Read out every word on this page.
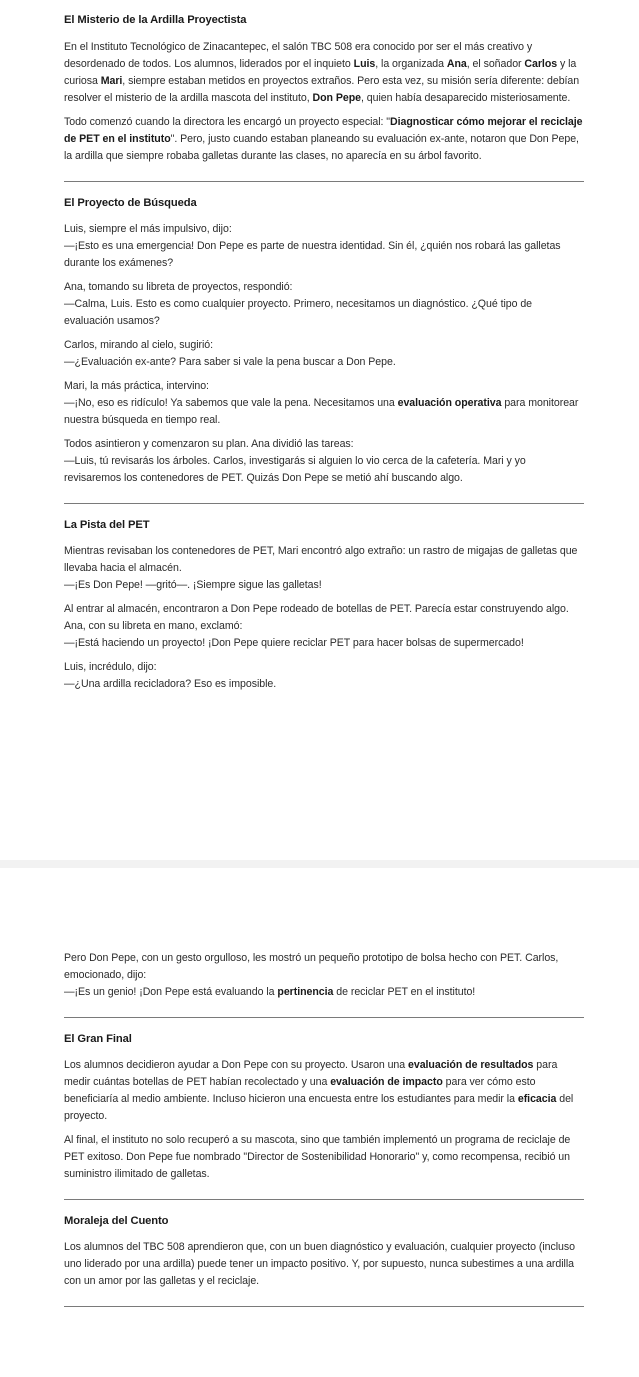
El Misterio de la Ardilla Proyectista

En el Instituto Tecnológico de Zinacantepec, el salón TBC 508 era conocido por ser el más creativo y desordenado de todos. Los alumnos, liderados por el inquieto Luis, la organizada Ana, el soñador Carlos y la curiosa Mari, siempre estaban metidos en proyectos extraños. Pero esta vez, su misión sería diferente: debían resolver el misterio de la ardilla mascota del instituto, Don Pepe, quien había desaparecido misteriosamente.

Todo comenzó cuando la directora les encargó un proyecto especial: "Diagnosticar cómo mejorar el reciclaje de PET en el instituto". Pero, justo cuando estaban planeando su evaluación ex-ante, notaron que Don Pepe, la ardilla que siempre robaba galletas durante las clases, no aparecía en su árbol favorito.

El Proyecto de Búsqueda

Luis, siempre el más impulsivo, dijo:
—¡Esto es una emergencia! Don Pepe es parte de nuestra identidad. Sin él, ¿quién nos robará las galletas durante los exámenes?

Ana, tomando su libreta de proyectos, respondió:
—Calma, Luis. Esto es como cualquier proyecto. Primero, necesitamos un diagnóstico. ¿Qué tipo de evaluación usamos?

Carlos, mirando al cielo, sugirió:
—¿Evaluación ex-ante? Para saber si vale la pena buscar a Don Pepe.

Mari, la más práctica, intervino:
—¡No, eso es ridículo! Ya sabemos que vale la pena. Necesitamos una evaluación operativa para monitorear nuestra búsqueda en tiempo real.

Todos asintieron y comenzaron su plan. Ana dividió las tareas:
—Luis, tú revisarás los árboles. Carlos, investigarás si alguien lo vio cerca de la cafetería. Mari y yo revisaremos los contenedores de PET. Quizás Don Pepe se metió ahí buscando algo.

La Pista del PET

Mientras revisaban los contenedores de PET, Mari encontró algo extraño: un rastro de migajas de galletas que llevaba hacia el almacén.
—¡Es Don Pepe! —gritó—. ¡Siempre sigue las galletas!

Al entrar al almacén, encontraron a Don Pepe rodeado de botellas de PET. Parecía estar construyendo algo. Ana, con su libreta en mano, exclamó:
—¡Está haciendo un proyecto! ¡Don Pepe quiere reciclar PET para hacer bolsas de supermercado!

Luis, incrédulo, dijo:
—¿Una ardilla recicladora? Eso es imposible.

Pero Don Pepe, con un gesto orgulloso, les mostró un pequeño prototipo de bolsa hecho con PET. Carlos, emocionado, dijo:
—¡Es un genio! ¡Don Pepe está evaluando la pertinencia de reciclar PET en el instituto!

El Gran Final

Los alumnos decidieron ayudar a Don Pepe con su proyecto. Usaron una evaluación de resultados para medir cuántas botellas de PET habían recolectado y una evaluación de impacto para ver cómo esto beneficiaría al medio ambiente. Incluso hicieron una encuesta entre los estudiantes para medir la eficacia del proyecto.

Al final, el instituto no solo recuperó a su mascota, sino que también implementó un programa de reciclaje de PET exitoso. Don Pepe fue nombrado "Director de Sostenibilidad Honorario" y, como recompensa, recibió un suministro ilimitado de galletas.

Moraleja del Cuento

Los alumnos del TBC 508 aprendieron que, con un buen diagnóstico y evaluación, cualquier proyecto (incluso uno liderado por una ardilla) puede tener un impacto positivo. Y, por supuesto, nunca subestimes a una ardilla con un amor por las galletas y el reciclaje.
